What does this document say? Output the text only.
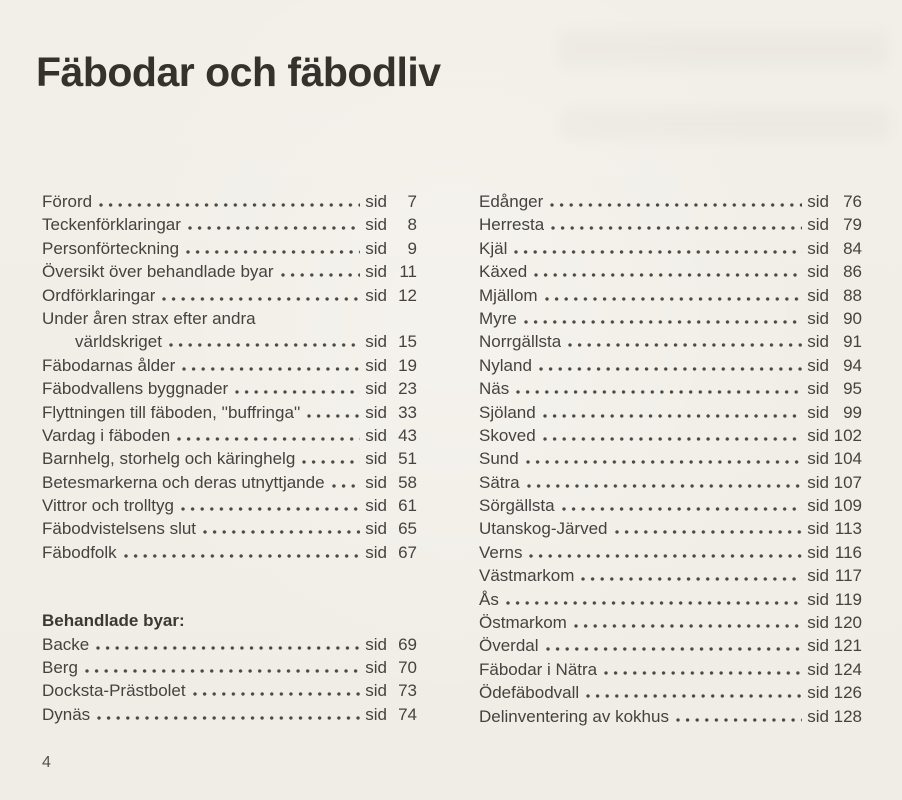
Fäbodar och fäbodliv
Förord	sid	7
Teckenförklaringar	sid	8
Personförteckning	sid	9
Översikt över behandlade byar	sid 11
Ordförklaringar	sid 12
Under åren strax efter andra
världskriget	sid 15
Fäbodarnas ålder	sid 19
Fäbodvallens byggnader	sid 23
Flyttningen till fäboden, ''buffringa''	sid 33
Vardag i fäboden	sid 43
Barnhelg, storhelg och käringhelg	sid 51
Betesmarkerna och deras utnyttjande sid 58
Vittror och trolltyg	sid 61
Fäbodvistelsens slut	sid 65
Fäbodfolk	sid 67
Behandlade byar:
Backe	sid 69
Berg	sid 70
Docksta-Prästbolet	sid 73
Dynäs	sid 74
Edånger	sid 76
Herresta	sid 79
Kjäl	sid 84
Käxed	sid 86
Mjällom	sid 88
Myre	sid 90
Norrgällsta	sid 91
Nyland	sid 94
Näs	sid 95
Sjöland	sid 99
Skoved	sid 102
Sund	sid 104
Sätra	sid 107
Sörgällsta	sid 109
Utanskog-Järved	sid 113
Verns	sid 116
Västmarkom	sid 117
Ås	sid 119
Östmarkom	sid 120
Överdal	sid 121
Fäbodar i Nätra	sid 124
Ödefäbodvall	sid 126
Delinventering av kokhus	sid 128
4
